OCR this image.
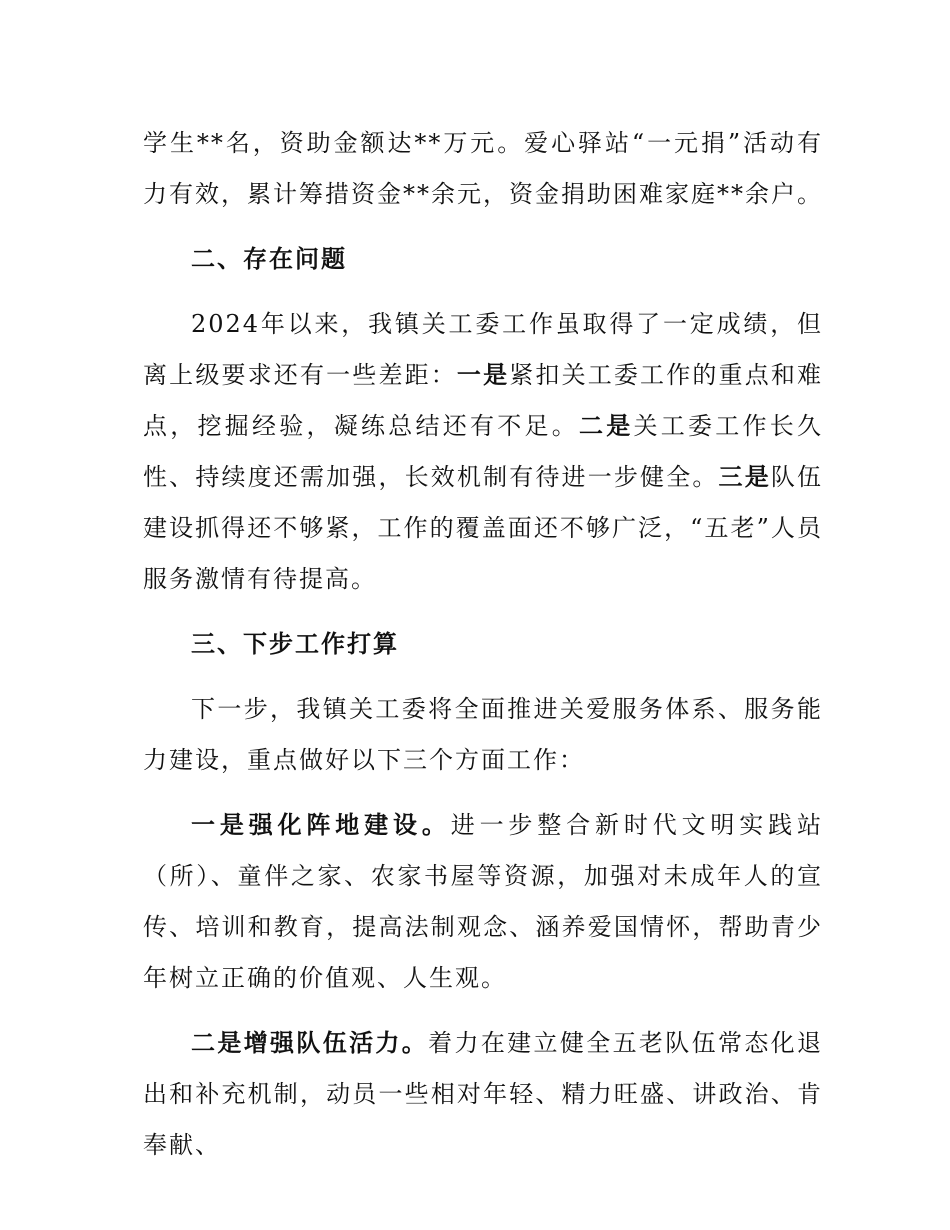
学生**名，资助金额达**万元。爱心驿站“一元捐”活动有力有效，累计筹措资金**余元，资金捐助困难家庭**余户。

二、存在问题

2024年以来，我镇关工委工作虽取得了一定成绩，但离上级要求还有一些差距：一是紧扣关工委工作的重点和难点，挖掘经验，凝练总结还有不足。二是关工委工作长久性、持续度还需加强，长效机制有待进一步健全。三是队伍建设抓得还不够紧，工作的覆盖面还不够广泛，“五老”人员服务激情有待提高。

三、下步工作打算

下一步，我镇关工委将全面推进关爱服务体系、服务能力建设，重点做好以下三个方面工作：

一是强化阵地建设。进一步整合新时代文明实践站（所）、童伴之家、农家书屋等资源，加强对未成年人的宣传、培训和教育，提高法制观念、涵养爱国情怀，帮助青少年树立正确的价值观、人生观。

二是增强队伍活力。着力在建立健全五老队伍常态化退出和补充机制，动员一些相对年轻、精力旺盛、讲政治、肯奉献、
